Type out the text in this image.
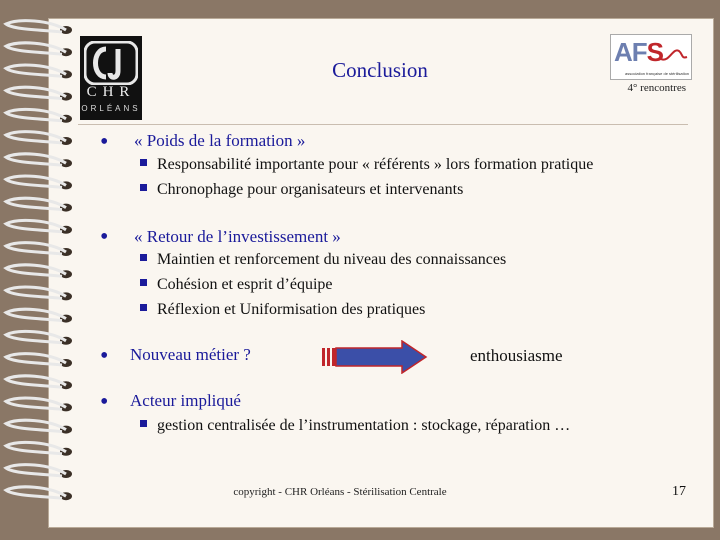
CHR
ORLÉANS
Conclusion
AFS
association française de stérilisation
4° rencontres
• « Poids de la formation »
Responsabilité importante pour « référents » lors formation pratique
Chronophage pour organisateurs et intervenants
• « Retour de l’investissement »
Maintien et renforcement du niveau des connaissances
Cohésion et esprit d’équipe
Réflexion et Uniformisation des pratiques
• Nouveau métier ?	enthousiasme
• Acteur impliqué
gestion centralisée de l’instrumentation : stockage, réparation …
copyright - CHR Orléans - Stérilisation Centrale	17
